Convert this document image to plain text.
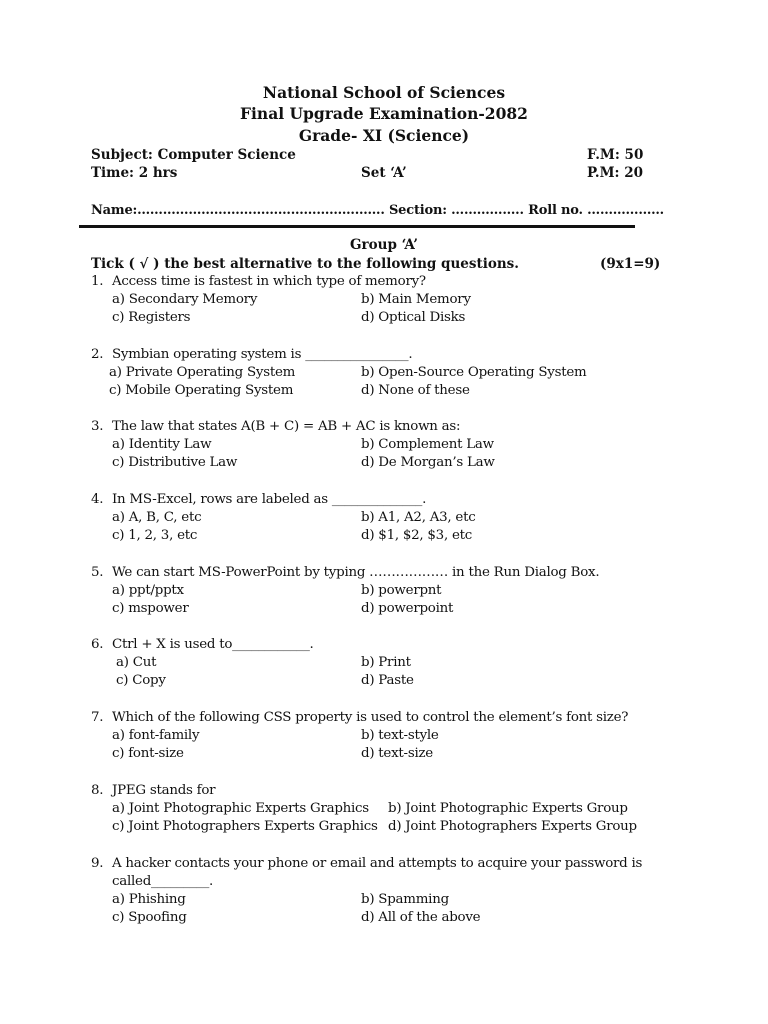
National School of Sciences
Final Upgrade Examination-2082
Grade- XI (Science)
Subject: Computer Science	F.M: 50
Time: 2 hrs	Set ‘A’	P.M: 20
Name:…………………………………………………. Section: …………….. Roll no. ………………
Group ‘A’
Tick ( √ ) the best alternative to the following questions.	(9x1=9)
1. Access time is fastest in which type of memory?
a) Secondary Memory	b) Main Memory
c) Registers	d) Optical Disks
2. Symbian operating system is ________________.
a) Private Operating System	b) Open-Source Operating System
c) Mobile Operating System	d) None of these
3. The law that states A(B + C) = AB + AC is known as:
a) Identity Law	b) Complement Law
c) Distributive Law	d) De Morgan’s Law
4. In MS-Excel, rows are labeled as ______________.
a) A, B, C, etc	b) A1, A2, A3, etc
c) 1, 2, 3, etc	d) $1, $2, $3, etc
5. We can start MS-PowerPoint by typing ……………… in the Run Dialog Box.
a) ppt/pptx	b) powerpnt
c) mspower	d) powerpoint
6. Ctrl + X is used to____________.
a) Cut	b) Print
c) Copy	d) Paste
7. Which of the following CSS property is used to control the element’s font size?
a) font-family	b) text-style
c) font-size	d) text-size
8. JPEG stands for
a) Joint Photographic Experts Graphics b) Joint Photographic Experts Group
c) Joint Photographers Experts Graphics d) Joint Photographers Experts Group
9. A hacker contacts your phone or email and attempts to acquire your password is
called_________.
a) Phishing	b) Spamming
c) Spoofing	d) All of the above
